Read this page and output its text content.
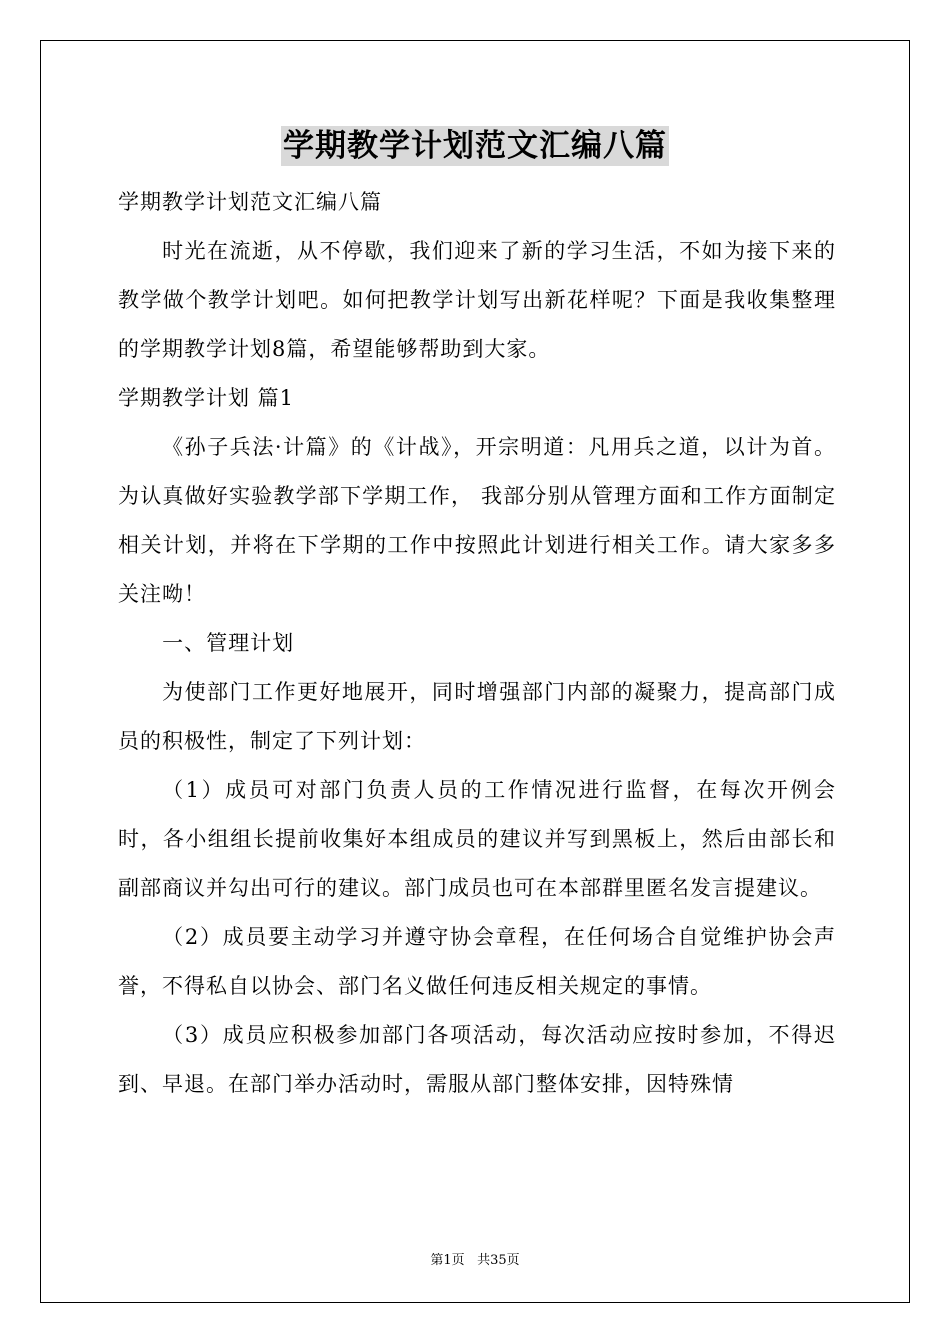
学期教学计划范文汇编八篇

学期教学计划范文汇编八篇

时光在流逝，从不停歇，我们迎来了新的学习生活，不如为接下来的教学做个教学计划吧。如何把教学计划写出新花样呢？下面是我收集整理的学期教学计划8篇，希望能够帮助到大家。

学期教学计划 篇1

《孙子兵法·计篇》的《计战》，开宗明道：凡用兵之道，以计为首。为认真做好实验教学部下学期工作， 我部分别从管理方面和工作方面制定相关计划，并将在下学期的工作中按照此计划进行相关工作。请大家多多关注呦！

一、管理计划

为使部门工作更好地展开，同时增强部门内部的凝聚力，提高部门成员的积极性，制定了下列计划：

（1）成员可对部门负责人员的工作情况进行监督，在每次开例会时，各小组组长提前收集好本组成员的建议并写到黑板上，然后由部长和副部商议并勾出可行的建议。部门成员也可在本部群里匿名发言提建议。

（2）成员要主动学习并遵守协会章程，在任何场合自觉维护协会声誉，不得私自以协会、部门名义做任何违反相关规定的事情。

（3）成员应积极参加部门各项活动，每次活动应按时参加，不得迟到、早退。在部门举办活动时，需服从部门整体安排，因特殊情

第1页 共35页
